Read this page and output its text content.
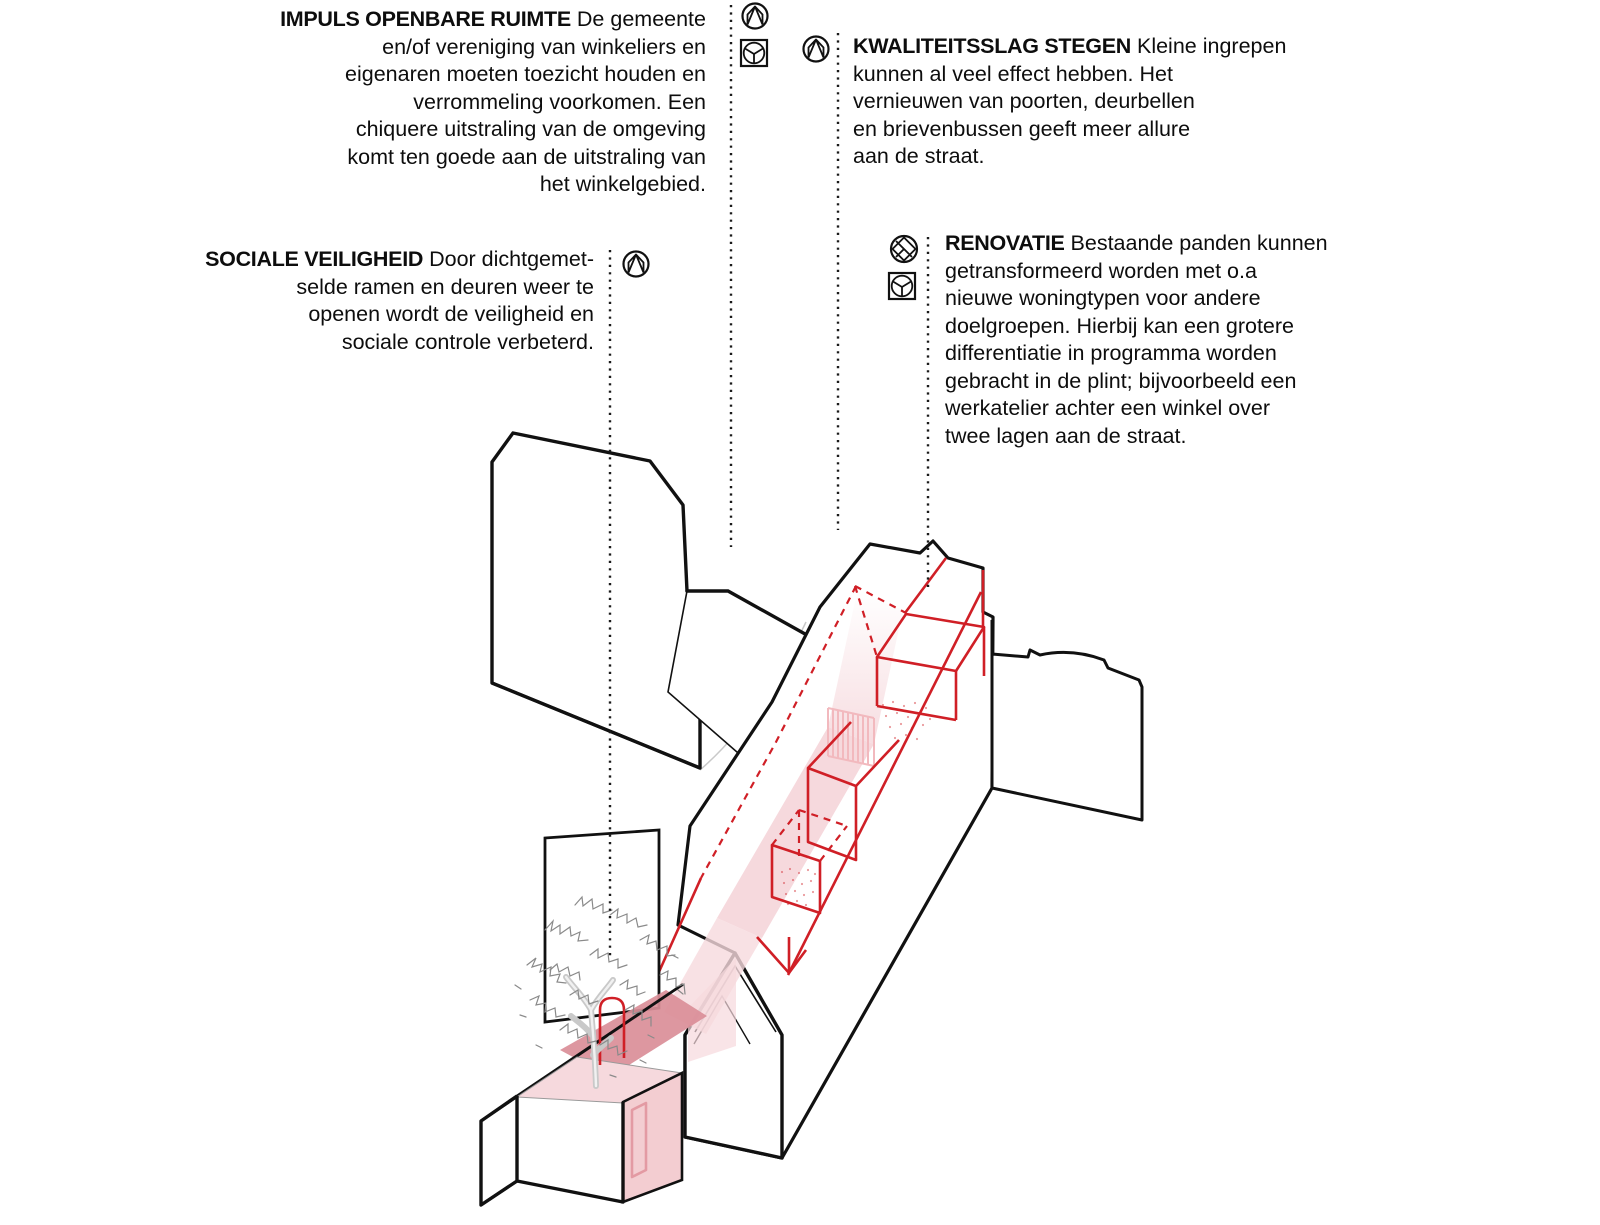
IMPULS OPENBARE RUIMTE De gemeente
en/of vereniging van winkeliers en
eigenaren moeten toezicht houden en
verrommeling voorkomen. Een
chiquere uitstraling van de omgeving
komt ten goede aan de uitstraling van
het winkelgebied.
KWALITEITSSLAG STEGEN Kleine ingrepen
kunnen al veel effect hebben. Het
vernieuwen van poorten, deurbellen
en brievenbussen geeft meer allure
aan de straat.
SOCIALE VEILIGHEID Door dichtgemet-
selde ramen en deuren weer te
openen wordt de veiligheid en
sociale controle verbeterd.
RENOVATIE Bestaande panden kunnen
getransformeerd worden met o.a
nieuwe woningtypen voor andere
doelgroepen. Hierbij kan een grotere
differentiatie in programma worden
gebracht in de plint; bijvoorbeeld een
werkatelier achter een winkel over
twee lagen aan de straat.
